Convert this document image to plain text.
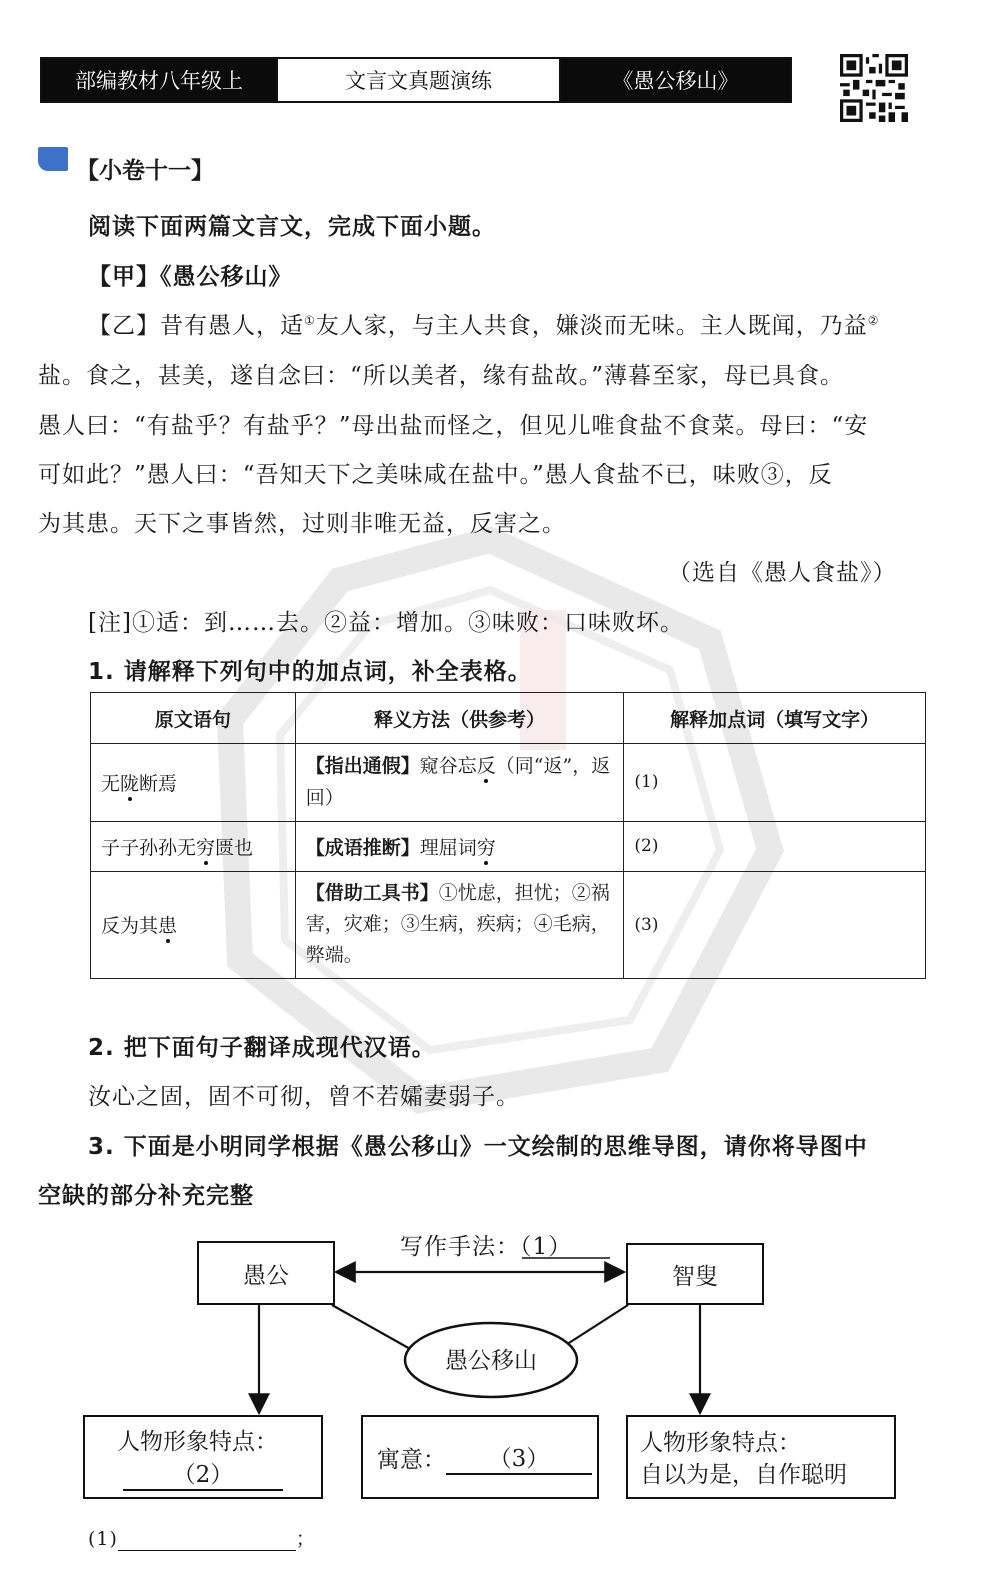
部编教材八年级上	文言文真题演练	《愚公移山》
【小卷十一】
阅读下面两篇文言文，完成下面小题。
【甲】《愚公移山》
【乙】昔有愚人，适①友人家，与主人共食，嫌淡而无味。主人既闻，乃益②
盐。食之，甚美，遂自念曰：“所以美者，缘有盐故。”薄暮至家，母已具食。
愚人曰：“有盐乎？有盐乎？”母出盐而怪之，但见儿唯食盐不食菜。母曰：“安
可如此？”愚人曰：“吾知天下之美味咸在盐中。”愚人食盐不已，味败③，反
为其患。天下之事皆然，过则非唯无益，反害之。
（选自《愚人食盐》）
[注]①适：到……去。②益：增加。③味败：口味败坏。
1. 请解释下列句中的加点词，补全表格。
原文语句	释义方法（供参考）	解释加点词（填写文字）
无陇断焉	【指出通假】窥谷忘反（同“返”，返回）	(1)
子子孙孙无穷匮也	【成语推断】理屈词穷	(2)
反为其患	【借助工具书】①忧虑，担忧；②祸害，灾难；③生病，疾病；④毛病，弊端。	(3)
2. 把下面句子翻译成现代汉语。
汝心之固，固不可彻，曾不若孀妻弱子。
3. 下面是小明同学根据《愚公移山》一文绘制的思维导图，请你将导图中
空缺的部分补充完整
写作手法：（1）
愚公	智叟
愚公移山
人物形象特点：
（2）
寓意：	（3）
人物形象特点：
自以为是，自作聪明
(1)	；
